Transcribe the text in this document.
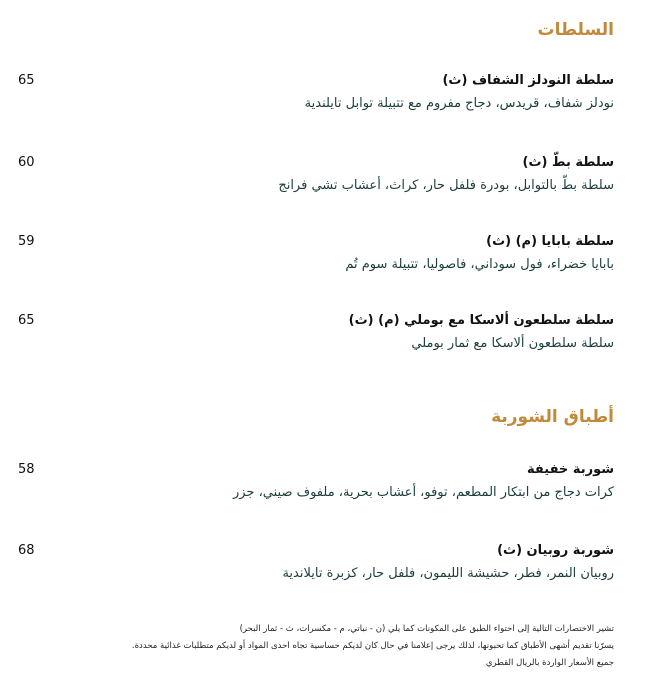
السلطات
سلطة النودلز الشفاف (ث)
65
نودلز شفاف، قريدس، دجاج مفروم مع تتبيلة توابل تايلندية
سلطة بطّ (ث)
60
سلطة بطّ بالتوابل، بودرة فلفل حار، كراث، أعشاب تشي فرانج
سلطة بابايا (م) (ث)
59
بابايا خضراء، فول سوداني، فاصوليا، تتبيلة سوم تُم
سلطة سلطعون ألاسكا مع بوملي (م) (ث)
65
سلطة سلطعون ألاسكا مع ثمار بوملي
أطباق الشوربة
شوربة خفيفة
58
كرات دجاج من ابتكار المطعم، توفو، أعشاب بحرية، ملفوف صيني، جزر
شوربة روبيان (ث)
68
روبيان النمر، فطر، حشيشة الليمون، فلفل حار، كزبرة تايلاندية
تشير الاختصارات التالية إلى احتواء الطبق على المكونات كما يلي (ن - نباتي، م - مكسرات، ث - ثمار البحر)
يسرّنا تقديم أشهى الأطباق كما تحبونها، لذلك يرجى إعلامنا في حال كان لديكم حساسية تجاه احدى المواد أو لديكم متطلبات غذائية محددة.
جميع الأسعار الواردة بالريال القطري
